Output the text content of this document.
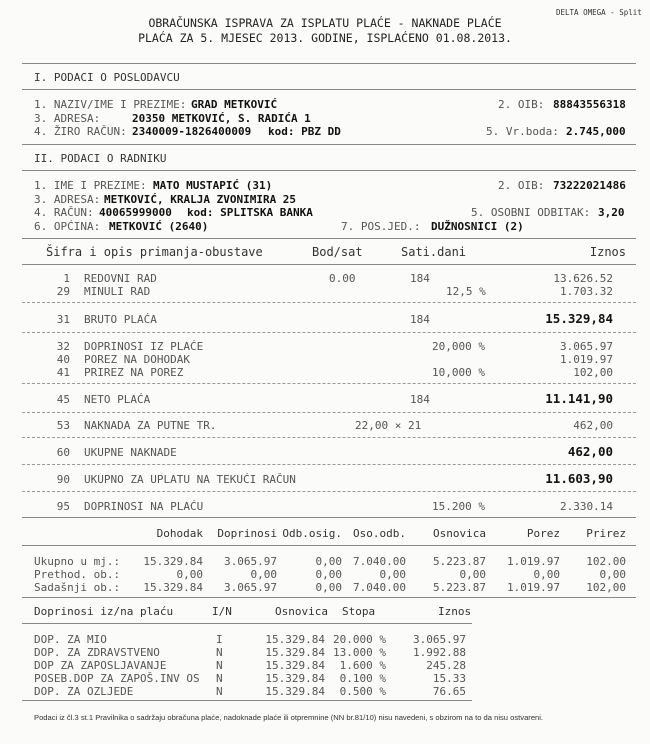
DELTA OMEGA - Split
OBRAČUNSKA ISPRAVA ZA ISPLATU PLAĆE - NAKNADE PLAĆE
PLAĆA ZA 5. MJESEC 2013. GODINE, ISPLAĆENO 01.08.2013.
I. PODACI O POSLODAVCU
1. NAZIV/IME I PREZIME: GRAD METKOVIĆ	2. OIB: 88843556318
3. ADRESA:	20350 METKOVIĆ, S. RADIĆA 1
4. ŽIRO RAČUN: 2340009-1826400009 kod: PBZ DD	5. Vr.boda: 2.745,000
II. PODACI O RADNIKU
1. IME I PREZIME: MATO MUSTAPIĆ (31)	2. OIB: 73222021486
3. ADRESA: METKOVIĆ, KRALJA ZVONIMIRA 25
4. RAČUN: 40065999000 kod: SPLITSKA BANKA	5. OSOBNI ODBITAK: 3,20
6. OPĆINA: METKOVIĆ (2640)	7. POS.JED.: DUŽNOSNICI (2)
Šifra i opis primanja-obustave	Bod/sat	Sati.dani	Iznos
1 REDOVNI RAD	0.00	184	13.626.52
29 MINULI RAD	12,5 %	1.703.32
31 BRUTO PLAĆA	184	15.329,84
32 DOPRINOSI IZ PLAĆE	20,000 %	3.065.97
40 POREZ NA DOHODAK	1.019.97
41 PRIREZ NA POREZ	10,000 %	102,00
45 NETO PLAĆA	184	11.141,90
53 NAKNADA ZA PUTNE TR.	22,00 × 21	462,00
60 UKUPNE NAKNADE	462,00
90 UKUPNO ZA UPLATU NA TEKUĆI RAČUN	11.603,90
95 DOPRINOSI NA PLAĆU	15.200 %	2.330.14
Dohodak	Doprinosi Odb.osig.	Oso.odb.	Osnovica	Porez	Prirez
Ukupno u mj.:	15.329.84	3.065.97	0,00	7.040.00	5.223.87 1.019.97	102.00
Prethod. ob.:	0,00	0,00	0,00	0,00	0,00	0,00	0,00
Sadašnji ob.:	15.329.84	3.065.97	0,00	7.040.00	5.223.87 1.019.97	102,00
Doprinosi iz/na plaću	I/N	Osnovica Stopa	Iznos
DOP. ZA MIO	I	15.329.84 20.000 %	3.065.97
DOP. ZA ZDRAVSTVENO	N	15.329.84 13.000 %	1.992.88
DOP ZA ZAPOSLJAVANJE	N	15.329.84	1.600 %	245.28
POSEB.DOP ZA ZAPOŠ.INV OS N	15.329.84	0.100 %	15.33
DOP. ZA OZLJEDE	N	15.329.84	0.500 %	76.65
Podaci iz čl.3 st.1 Pravilnika o sadržaju obračuna plaće, nadoknade plaće ili otpremnine (NN br.81/10) nisu navedeni, s obzirom na to da nisu ostvareni.
